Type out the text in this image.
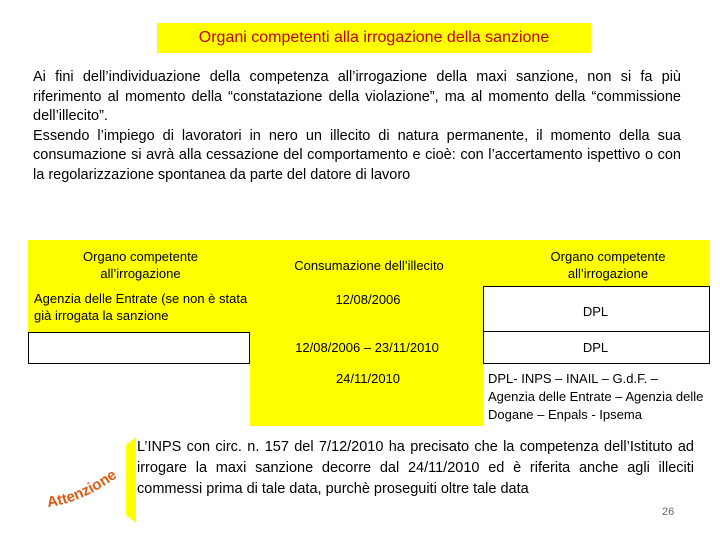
Organi competenti alla irrogazione della sanzione

Ai fini dell’individuazione della competenza all’irrogazione della maxi sanzione, non si fa più riferimento al momento della “constatazione della violazione”, ma al momento della “commissione dell’illecito”.

Essendo l’impiego di lavoratori in nero un illecito di natura permanente, il momento della sua consumazione si avrà alla cessazione del comportamento e cioè: con l’accertamento ispettivo o con la regolarizzazione spontanea da parte del datore di lavoro

Organo competente all’irrogazione
Consumazione dell’illecito
Organo competente all’irrogazione
Agenzia delle Entrate (se non è stata già irrogata la sanzione
12/08/2006
DPL
12/08/2006 – 23/11/2010	DPL
24/11/2010	DPL- INPS – INAIL – G.d.F. – Agenzia delle Entrate – Agenzia delle Dogane – Enpals - Ipsema
Attenzione
L’INPS con circ. n. 157 del 7/12/2010 ha precisato che la competenza dell’Istituto ad irrogare la maxi sanzione decorre dal 24/11/2010 ed è riferita anche agli illeciti commessi prima di tale data, purchè proseguiti oltre tale data
26
